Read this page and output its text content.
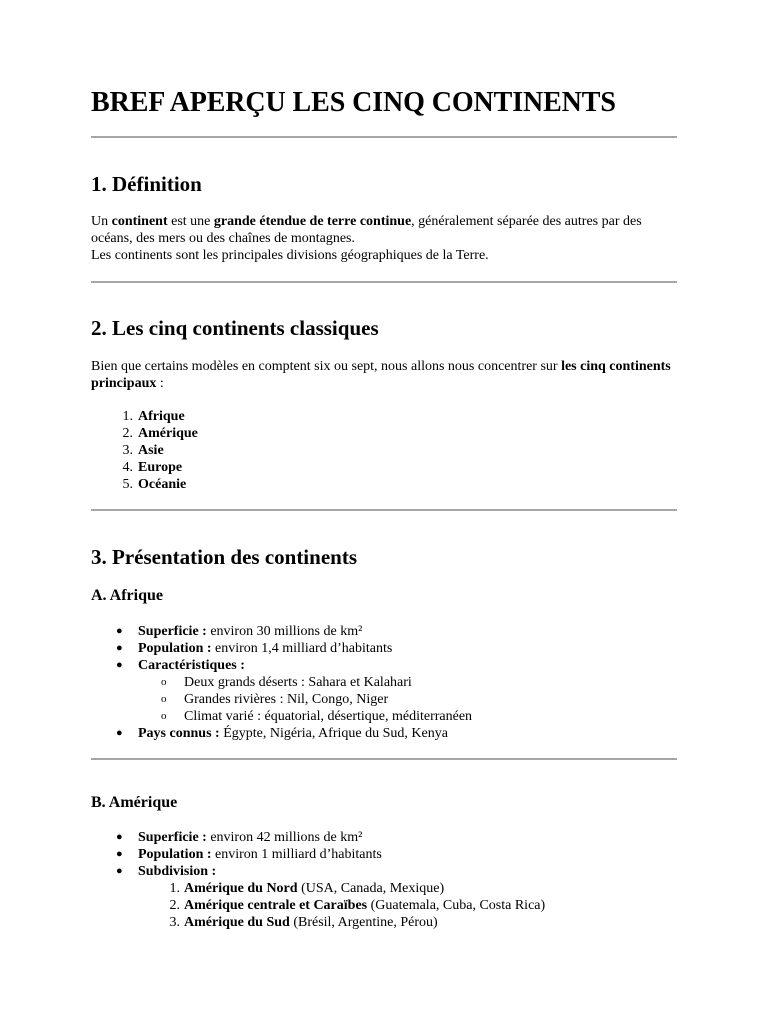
BREF APERÇU LES CINQ CONTINENTS
1. Définition

Un continent est une grande étendue de terre continue, généralement séparée des autres par des océans, des mers ou des chaînes de montagnes.

Les continents sont les principales divisions géographiques de la Terre.

2. Les cinq continents classiques

Bien que certains modèles en comptent six ou sept, nous allons nous concentrer sur les cinq continents principaux :

1. Afrique
2. Amérique
3. Asie
4. Europe
5. Océanie
3. Présentation des continents
A. Afrique
● Superficie : environ 30 millions de km²
● Population : environ 1,4 milliard d’habitants
● Caractéristiques :
o Deux grands déserts : Sahara et Kalahari
o Grandes rivières : Nil, Congo, Niger
o Climat varié : équatorial, désertique, méditerranéen
● Pays connus : Égypte, Nigéria, Afrique du Sud, Kenya
B. Amérique
● Superficie : environ 42 millions de km²
● Population : environ 1 milliard d’habitants
● Subdivision :
1. Amérique du Nord (USA, Canada, Mexique)
2. Amérique centrale et Caraïbes (Guatemala, Cuba, Costa Rica)
3. Amérique du Sud (Brésil, Argentine, Pérou)
